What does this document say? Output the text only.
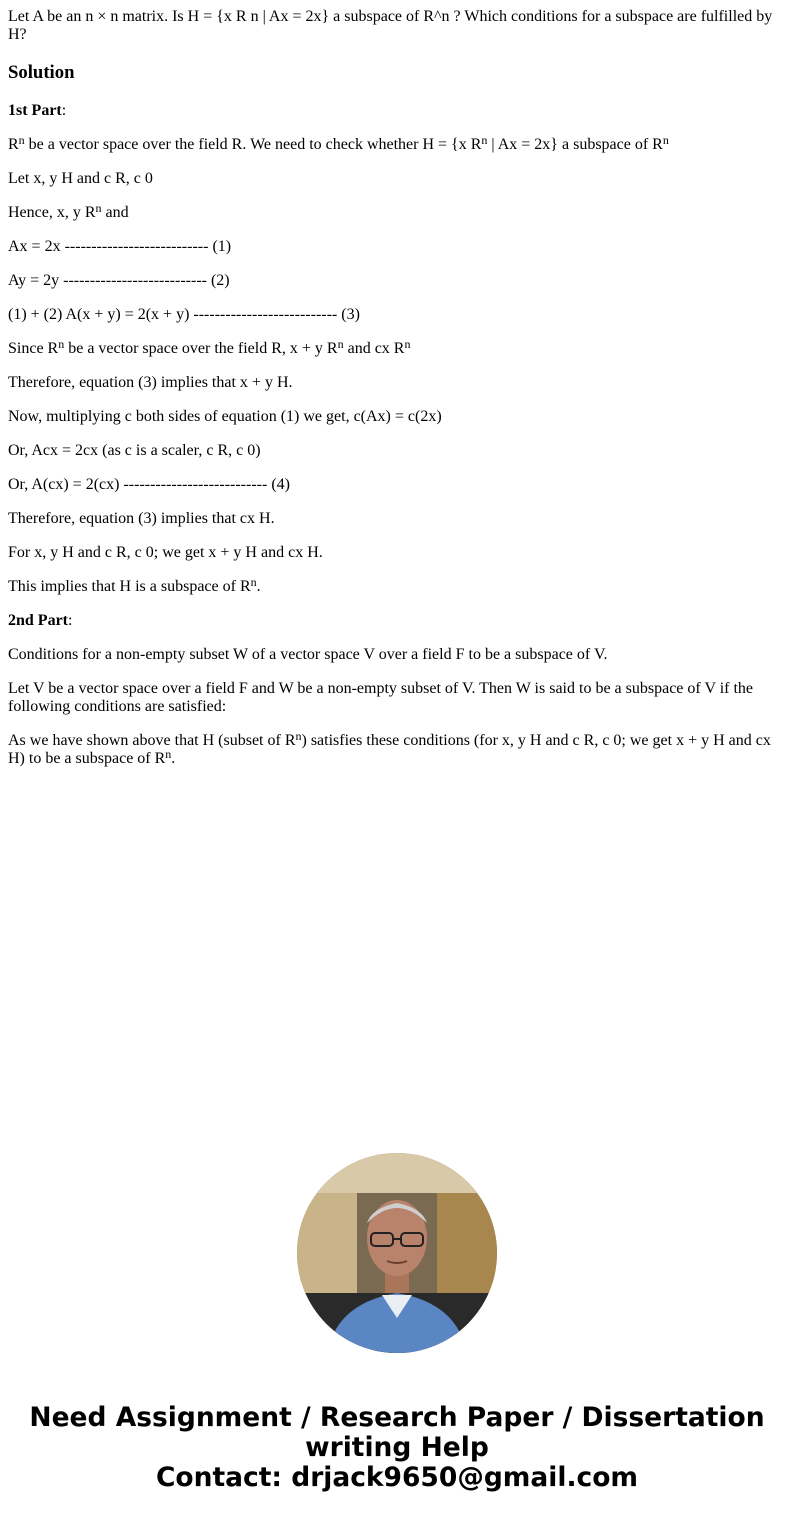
Let A be an n × n matrix. Is H = {x R n | Ax = 2x} a subspace of R^n ? Which conditions for a subspace are fulfilled by H?

Solution

1st Part:

$R^n$ be a vector space over the field R. We need to check whether H = {x $R^n$ | Ax = 2x} a subspace of $R^n$

Let x, y H and c R, c 0

Hence, x, y $R^n$ and

Ax = 2x --------------------------- (1)

Ay = 2y --------------------------- (2)

(1) + (2) A(x + y) = 2(x + y) --------------------------- (3)

Since $R^n$ be a vector space over the field R, x + y $R^n$ and cx $R^n$

Therefore, equation (3) implies that x + y H.

Now, multiplying c both sides of equation (1) we get, c(Ax) = c(2x)

Or, Acx = 2cx (as c is a scaler, c R, c 0)

Or, A(cx) = 2(cx) --------------------------- (4)

Therefore, equation (3) implies that cx H.

For x, y H and c R, c 0; we get x + y H and cx H.

This implies that H is a subspace of $R^n$.

2nd Part:

Conditions for a non-empty subset W of a vector space V over a field F to be a subspace of V.

Let V be a vector space over a field F and W be a non-empty subset of V. Then W is said to be a subspace of V if the following conditions are satisfied:

As we have shown above that H (subset of $R^n$) satisfies these conditions (for x, y H and c R, c 0; we get x + y H and cx H) to be a subspace of $R^n$.

Need Assignment / Research Paper / Dissertation
writing Help
Contact: drjack9650@gmail.com
